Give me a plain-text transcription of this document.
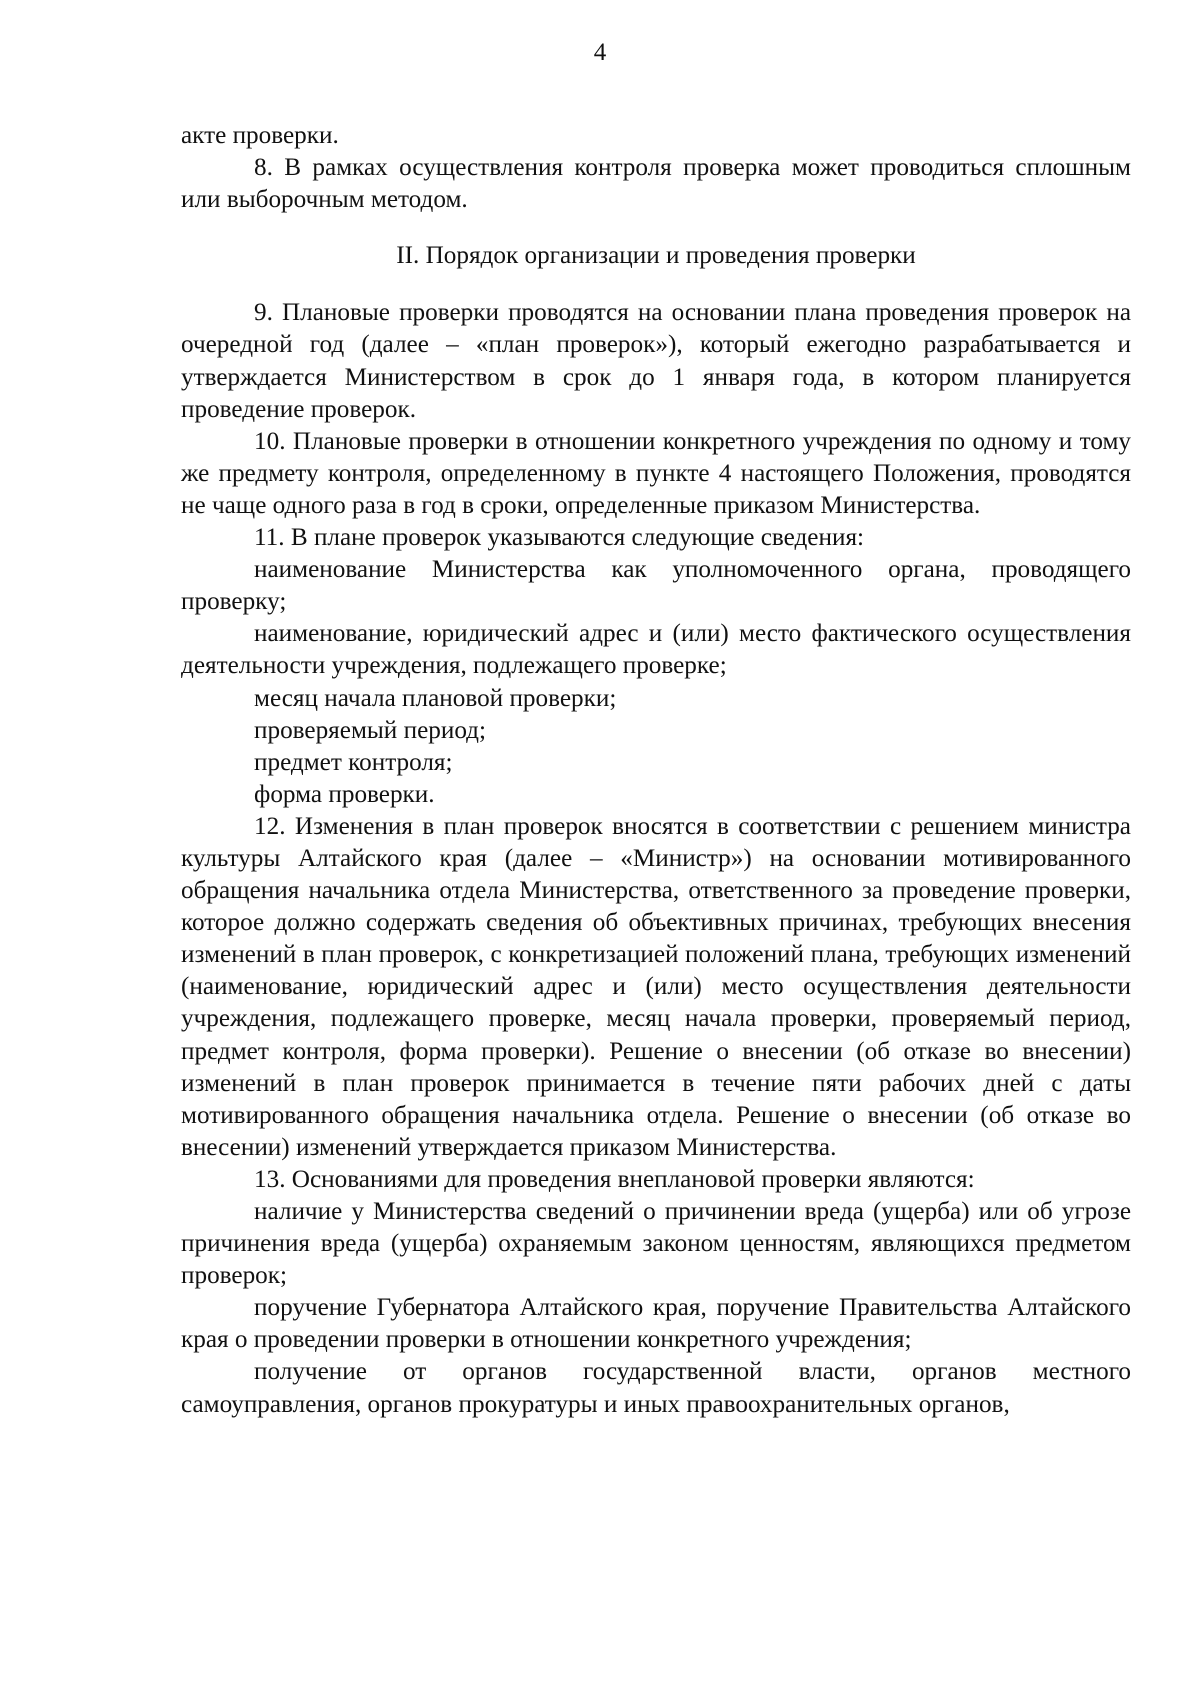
4

акте проверки.

8. В рамках осуществления контроля проверка может проводиться сплошным или выборочным методом.

II. Порядок организации и проведения проверки

9. Плановые проверки проводятся на основании плана проведения проверок на очередной год (далее – «план проверок»), который ежегодно разрабатывается и утверждается Министерством в срок до 1 января года, в котором планируется проведение проверок.

10. Плановые проверки в отношении конкретного учреждения по одному и тому же предмету контроля, определенному в пункте 4 настоящего Положения, проводятся не чаще одного раза в год в сроки, определенные приказом Министерства.

11. В плане проверок указываются следующие сведения:

наименование Министерства как уполномоченного органа, проводящего проверку;

наименование, юридический адрес и (или) место фактического осуществления деятельности учреждения, подлежащего проверке;

месяц начала плановой проверки;

проверяемый период;

предмет контроля;

форма проверки.

12. Изменения в план проверок вносятся в соответствии с решением министра культуры Алтайского края (далее – «Министр») на основании мотивированного обращения начальника отдела Министерства, ответственного за проведение проверки, которое должно содержать сведения об объективных причинах, требующих внесения изменений в план проверок, с конкретизацией положений плана, требующих изменений (наименование, юридический адрес и (или) место осуществления деятельности учреждения, подлежащего проверке, месяц начала проверки, проверяемый период, предмет контроля, форма проверки). Решение о внесении (об отказе во внесении) изменений в план проверок принимается в течение пяти рабочих дней с даты мотивированного обращения начальника отдела. Решение о внесении (об отказе во внесении) изменений утверждается приказом Министерства.

13. Основаниями для проведения внеплановой проверки являются:

наличие у Министерства сведений о причинении вреда (ущерба) или об угрозе причинения вреда (ущерба) охраняемым законом ценностям, являющихся предметом проверок;

поручение Губернатора Алтайского края, поручение Правительства Алтайского края о проведении проверки в отношении конкретного учреждения;

получение от органов государственной власти, органов местного самоуправления, органов прокуратуры и иных правоохранительных органов,
